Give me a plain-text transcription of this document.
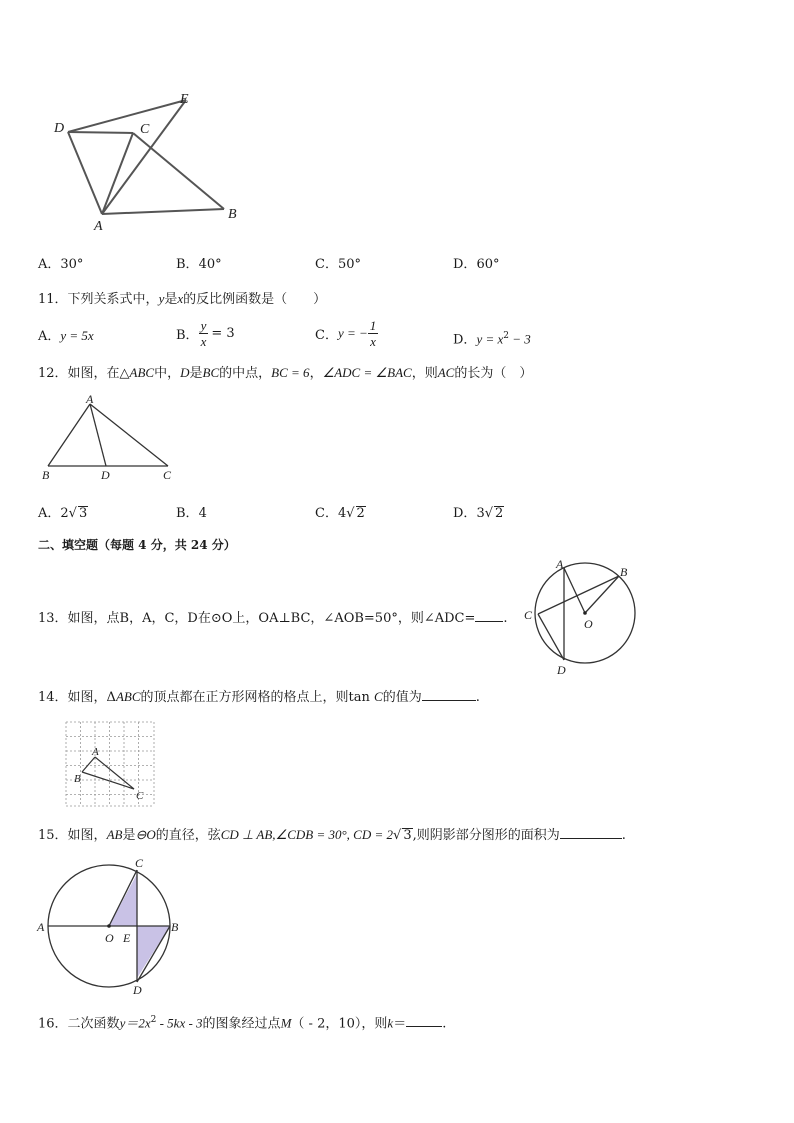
D	C
E
A
B
A．30°	B．40°	C．50°	D．60°
11．下列关系式中，y是x的反比例函数是（　　）
A．y = 5x	B． $\frac{y}{x} = 3$	C．y = − $\frac{1}{x}$	D．$y = x^2 - 3$
12．如图，在△ABC中，D是BC的中点，BC = 6，∠ADC = ∠BAC，则AC的长为（　）
A
B	D	C
A．2√ 3	B．4	C．4√ 2	D．3√ 2
二、填空题（每题 4 分，共 24 分）
13．如图，点B，A，C，D在⊙O上，OA⊥BC，∠AOB=50°，则∠ADC= .
A
B
C
O
D
14．如图，ΔABC的顶点都在正方形网格的格点上，则tan C的值为	.
A
B
C
15．如图，AB是⊖O的直径，弦CD ⊥ AB,∠CDB = 30°, CD = 2√ 3,则阴影部分图形的面积为	.
C
A
O E
B
D
16．二次函数$y=2x^2 - 5kx - 3$的图象经过点M（ - 2，10），则k＝	.
